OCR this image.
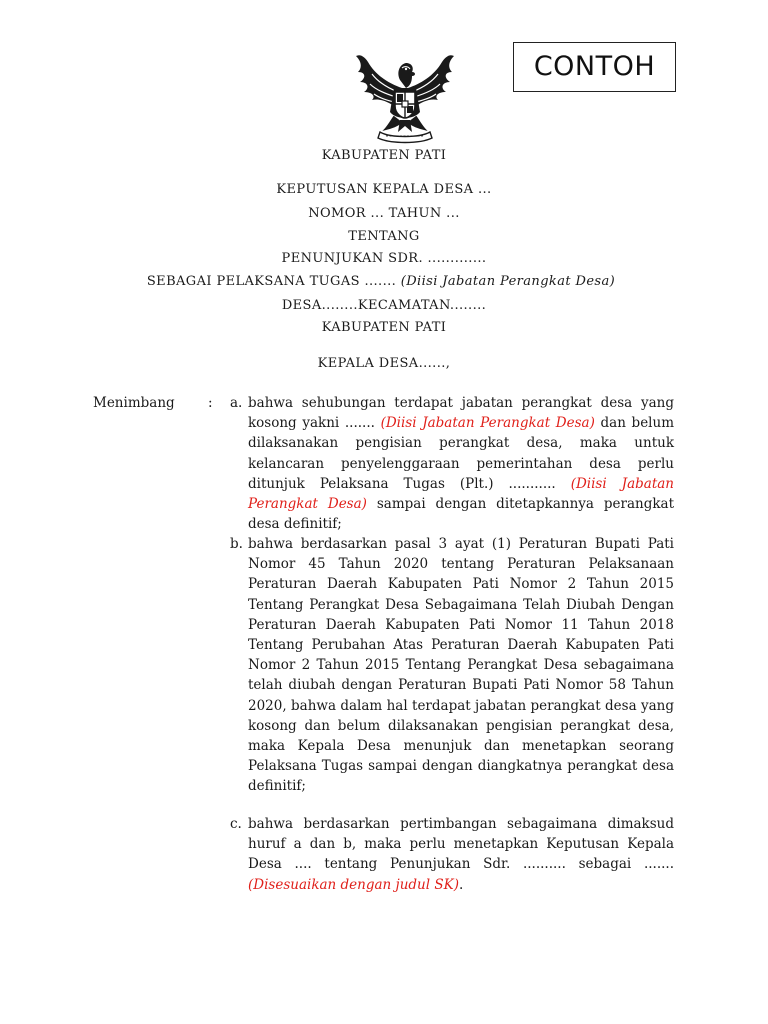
CONTOH
KABUPATEN PATI
KEPUTUSAN KEPALA DESA ...
NOMOR ... TAHUN ...
TENTANG
PENUNJUKAN SDR. .............
SEBAGAI PELAKSANA TUGAS ....... (Diisi Jabatan Perangkat Desa)
DESA........KECAMATAN........
KABUPATEN PATI
KEPALA DESA......,
Menimbang : a. bahwa sehubungan terdapat jabatan perangkat desa yang kosong yakni ....... (Diisi Jabatan Perangkat Desa) dan belum dilaksanakan pengisian perangkat desa, maka untuk kelancaran penyelenggaraan pemerintahan desa perlu ditunjuk Pelaksana Tugas (Plt.) ........... (Diisi Jabatan Perangkat Desa) sampai dengan ditetapkannya perangkat desa definitif;
b. bahwa berdasarkan pasal 3 ayat (1) Peraturan Bupati Pati Nomor 45 Tahun 2020 tentang Peraturan Pelaksanaan Peraturan Daerah Kabupaten Pati Nomor 2 Tahun 2015 Tentang Perangkat Desa Sebagaimana Telah Diubah Dengan Peraturan Daerah Kabupaten Pati Nomor 11 Tahun 2018 Tentang Perubahan Atas Peraturan Daerah Kabupaten Pati Nomor 2 Tahun 2015 Tentang Perangkat Desa sebagaimana telah diubah dengan Peraturan Bupati Pati Nomor 58 Tahun 2020, bahwa dalam hal terdapat jabatan perangkat desa yang kosong dan belum dilaksanakan pengisian perangkat desa, maka Kepala Desa menunjuk dan menetapkan seorang Pelaksana Tugas sampai dengan diangkatnya perangkat desa definitif;
c. bahwa berdasarkan pertimbangan sebagaimana dimaksud huruf a dan b, maka perlu menetapkan Keputusan Kepala Desa .... tentang Penunjukan Sdr. .......... sebagai ....... (Disesuaikan dengan judul SK).
